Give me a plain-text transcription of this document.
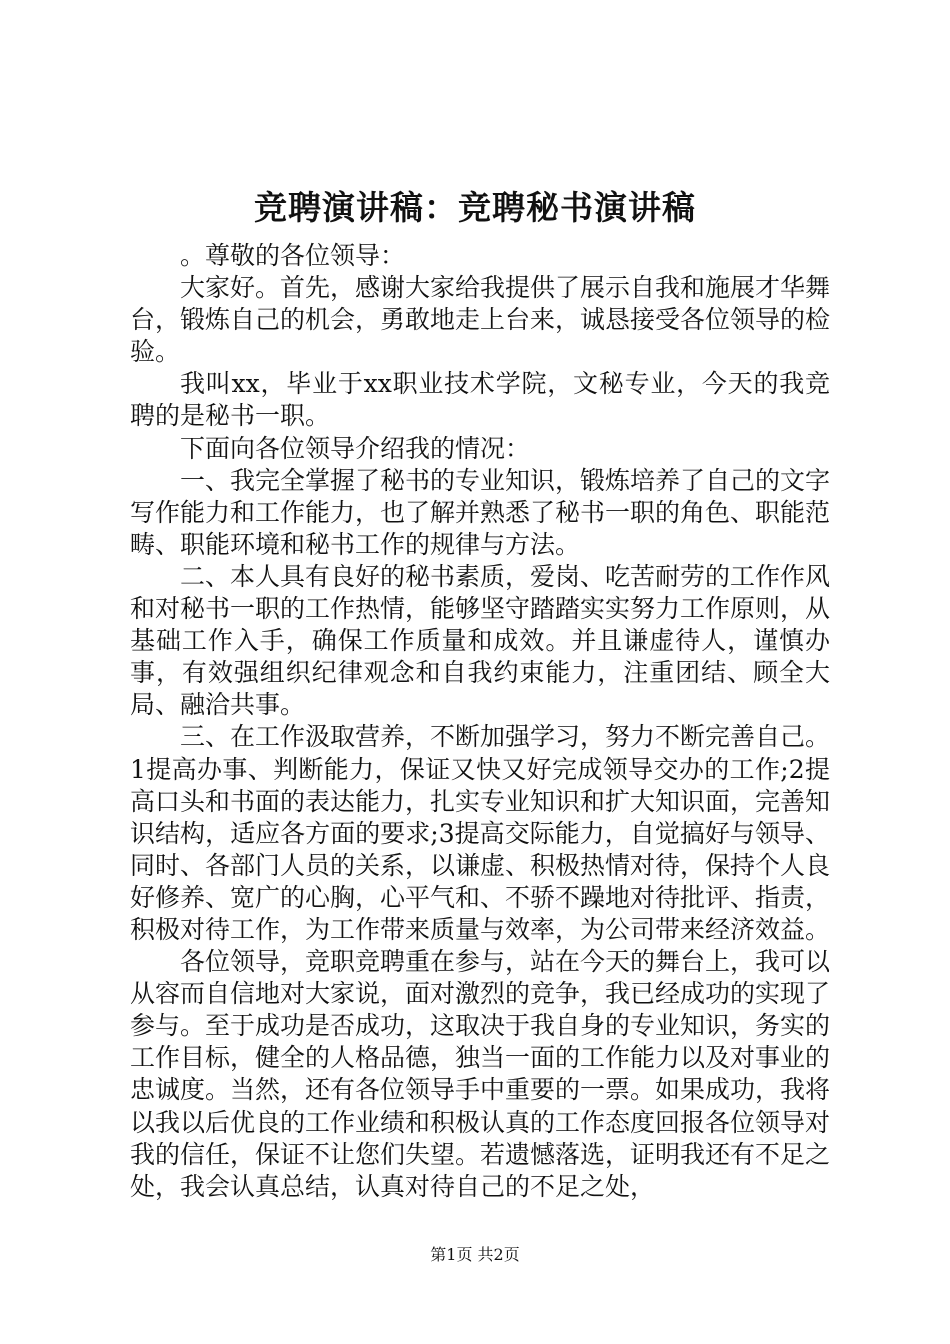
竞聘演讲稿：竞聘秘书演讲稿

。尊敬的各位领导：

大家好。首先，感谢大家给我提供了展示自我和施展才华舞台，锻炼自己的机会，勇敢地走上台来，诚恳接受各位领导的检验。

我叫xx，毕业于xx职业技术学院，文秘专业，今天的我竞聘的是秘书一职。

下面向各位领导介绍我的情况：

一、我完全掌握了秘书的专业知识，锻炼培养了自己的文字写作能力和工作能力，也了解并熟悉了秘书一职的角色、职能范畴、职能环境和秘书工作的规律与方法。

二、本人具有良好的秘书素质，爱岗、吃苦耐劳的工作作风和对秘书一职的工作热情，能够坚守踏踏实实努力工作原则，从基础工作入手，确保工作质量和成效。并且谦虚待人，谨慎办事，有效强组织纪律观念和自我约束能力，注重团结、顾全大局、融洽共事。

三、在工作汲取营养，不断加强学习，努力不断完善自己。1提高办事、判断能力，保证又快又好完成领导交办的工作;2提高口头和书面的表达能力，扎实专业知识和扩大知识面，完善知识结构，适应各方面的要求;3提高交际能力，自觉搞好与领导、同时、各部门人员的关系，以谦虚、积极热情对待，保持个人良好修养、宽广的心胸，心平气和、不骄不躁地对待批评、指责，积极对待工作，为工作带来质量与效率，为公司带来经济效益。

各位领导，竞职竞聘重在参与，站在今天的舞台上，我可以从容而自信地对大家说，面对激烈的竞争，我已经成功的实现了参与。至于成功是否成功，这取决于我自身的专业知识，务实的工作目标，健全的人格品德，独当一面的工作能力以及对事业的忠诚度。当然，还有各位领导手中重要的一票。如果成功，我将以我以后优良的工作业绩和积极认真的工作态度回报各位领导对我的信任，保证不让您们失望。若遗憾落选，证明我还有不足之处，我会认真总结，认真对待自己的不足之处，

第1页 共2页
